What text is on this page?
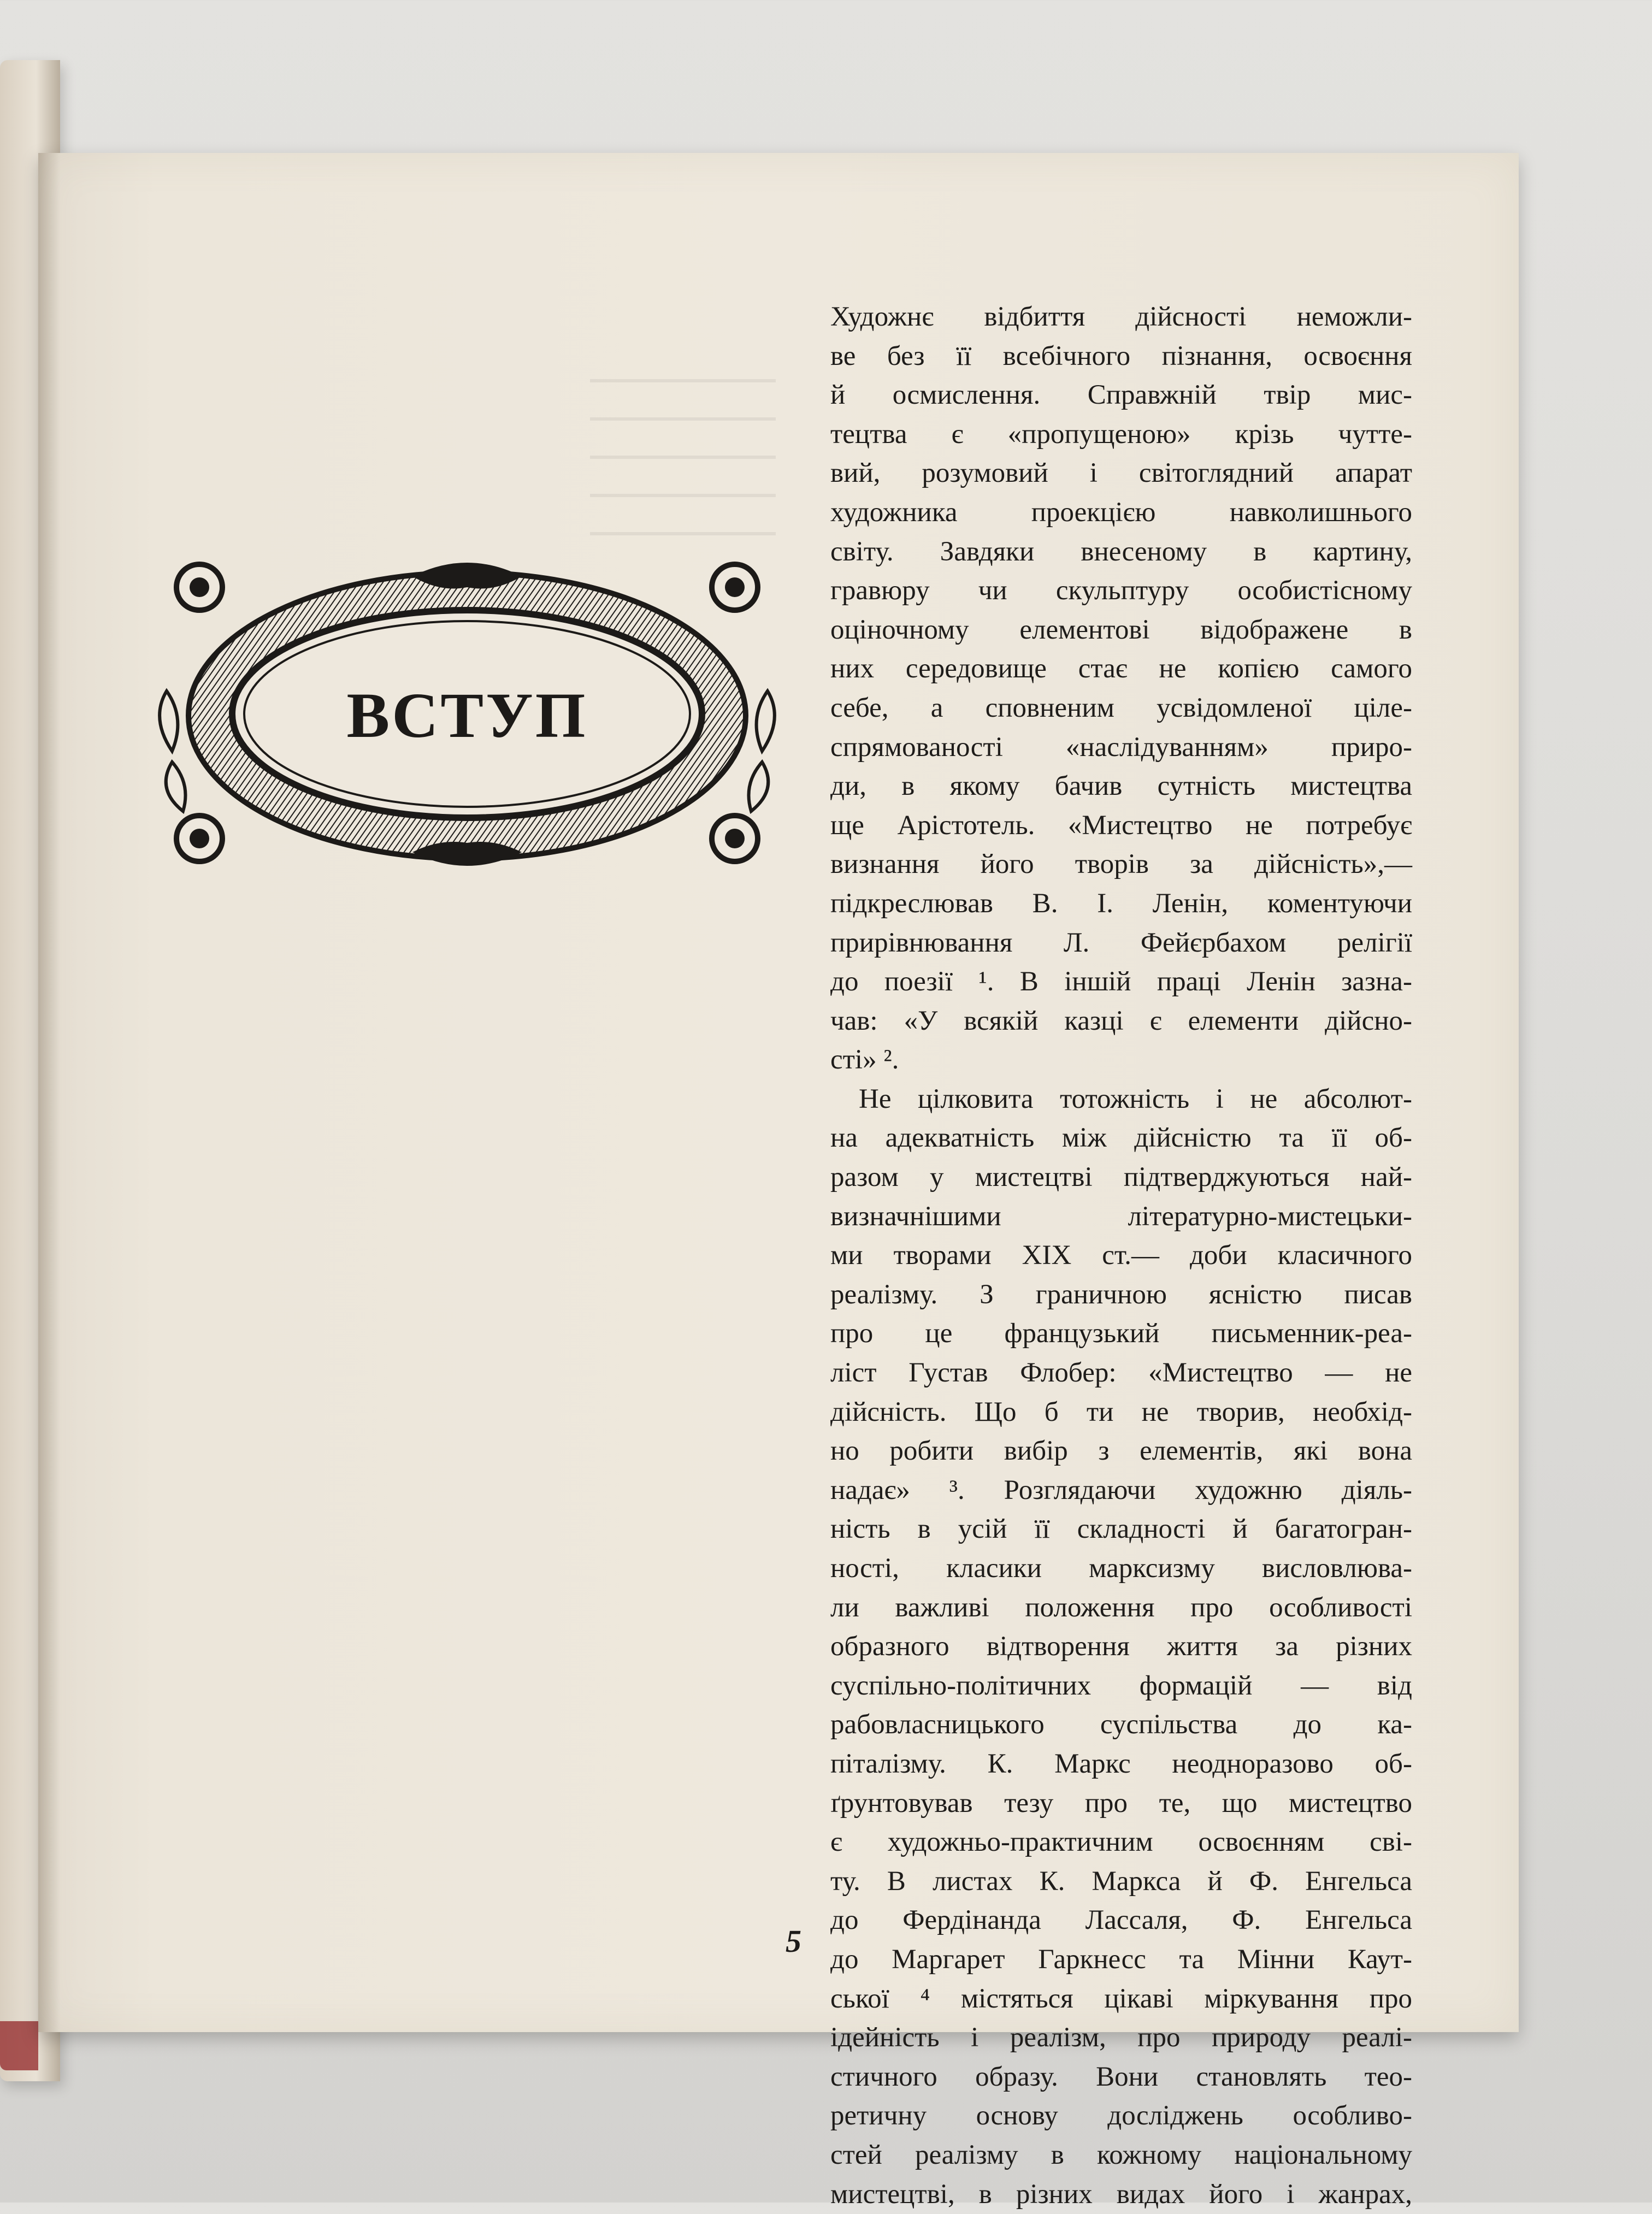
ВСТУП
Художнє відбиття дійсності неможли-
ве без її всебічного пізнання, освоєння
й осмислення. Справжній твір мис-
тецтва є «пропущеною» крізь чутте-
вий, розумовий і світоглядний апарат
художника проекцією навколишнього
світу. Завдяки внесеному в картину,
гравюру чи скульптуру особистісному
оціночному елементові відображене в
них середовище стає не копією самого
себе, а сповненим усвідомленої ціле-
спрямованості «наслідуванням» приро-
ди, в якому бачив сутність мистецтва
ще Арістотель. «Мистецтво не потребує
визнання його творів за дійсність»,—
підкреслював В. І. Ленін, коментуючи
прирівнювання Л. Фейєрбахом релігії
до поезії ¹. В іншій праці Ленін зазна-
чав: «У всякій казці є елементи дійсно-
сті» ².
Не цілковита тотожність і не абсолют-
на адекватність між дійсністю та її об-
разом у мистецтві підтверджуються най-
визначнішими літературно-мистецьки-
ми творами XIX ст.— доби класичного
реалізму. З граничною ясністю писав
про це французький письменник-реа-
ліст Густав Флобер: «Мистецтво — не
дійсність. Що б ти не творив, необхід-
но робити вибір з елементів, які вона
надає» ³. Розглядаючи художню діяль-
ність в усій її складності й багатогран-
ності, класики марксизму висловлюва-
ли важливі положення про особливості
образного відтворення життя за різних
суспільно-політичних формацій — від
рабовласницького суспільства до ка-
піталізму. К. Маркс неодноразово об-
ґрунтовував тезу про те, що мистецтво
є художньо-практичним освоєнням сві-
ту. В листах К. Маркса й Ф. Енгельса
до Фердінанда Лассаля, Ф. Енгельса
до Маргарет Гаркнесс та Мінни Каут-
ської ⁴ містяться цікаві міркування про
ідейність і реалізм, про природу реалі-
стичного образу. Вони становлять тео-
ретичну основу досліджень особливо-
стей реалізму в кожному національному
мистецтві, в різних видах його і жанрах,
5
